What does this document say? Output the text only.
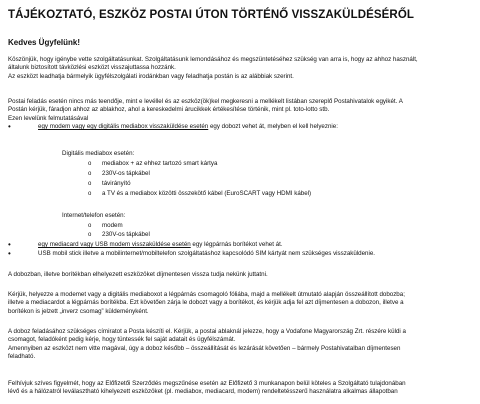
TÁJÉKOZTATÓ, ESZKÖZ POSTAI ÚTON TÖRTÉNŐ VISSZAKÜLDÉSÉRŐL
Kedves Ügyfelünk!

Köszönjük, hogy igénybe vette szolgáltatásunkat. Szolgáltatásunk lemondásához és megszüntetéséhez szükség van arra is, hogy az ahhoz használt,

általunk biztosított távközlési eszközt visszajuttassa hozzánk.

Az eszközt leadhatja bármelyik ügyfélszolgálati irodánkban vagy feladhatja postán is az alábbiak szerint.

Postai feladás esetén nincs más teendője, mint e levéllel és az eszköz(ök)kel megkeresni a mellékelt listában szereplő Postahivatalok egyikét. A

Postán kérjük, fáradjon ahhoz az ablakhoz, ahol a kereskedelmi árucikkek értékesítése történik, mint pl. toto-lotto stb.

Ezen levelünk felmutatásával

•	egy modem vagy egy digitális mediabox visszaküldése esetén egy dobozt vehet át, melyben el kell helyeznie:
Digitális mediabox esetén:
o mediabox + az ehhez tartozó smart kártya
o 230V-os tápkábel
o távirányító
o a TV és a mediabox közötti összekötő kábel (EuroSCART vagy HDMI kábel)
Internet/telefon esetén:
o modem
o 230V-os tápkábel
•	egy mediacard vagy USB modem visszaküldése esetén egy légpárnás borítékot vehet át.
•	USB mobil stick illetve a mobilinternet/mobiltelefon szolgáltatáshoz kapcsolódó SIM kártyát nem szükséges visszaküldenie.

A dobozban, illetve borítékban elhelyezett eszközöket díjmentesen vissza tudja nekünk juttatni.

Kérjük, helyezze a modemet vagy a digitális mediaboxot a légpárnás csomagoló fóliába, majd a mellékelt útmutató alapján összeállított dobozba;

illetve a mediacardot a légpárnás borítékba. Ezt követően zárja le dobozt vagy a borítékot, és kérjük adja fel azt díjmentesen a dobozon, illetve a

borítékon is jelzett „inverz csomag” küldeményként.

A doboz feladásához szükséges címiratot a Posta készíti el. Kérjük, a postai ablaknál jelezze, hogy a Vodafone Magyarország Zrt. részére küldi a

csomagot, feladóként pedig kérje, hogy tüntessék fel saját adatait és ügyfélszámát.

Amennyiben az eszközt nem vitte magával, úgy a doboz később – összeállítását és lezárását követően – bármely Postahivatalban díjmentesen

feladható.

Felhívjuk szíves figyelmét, hogy az Előfizetői Szerződés megszűnése esetén az Előfizető 3 munkanapon belül köteles a Szolgáltató tulajdonában

lévő és a hálózatról leválasztható kihelyezett eszközöket (pl. mediabox, mediacard, modem) rendeltetésszerű használatra alkalmas állapotban
